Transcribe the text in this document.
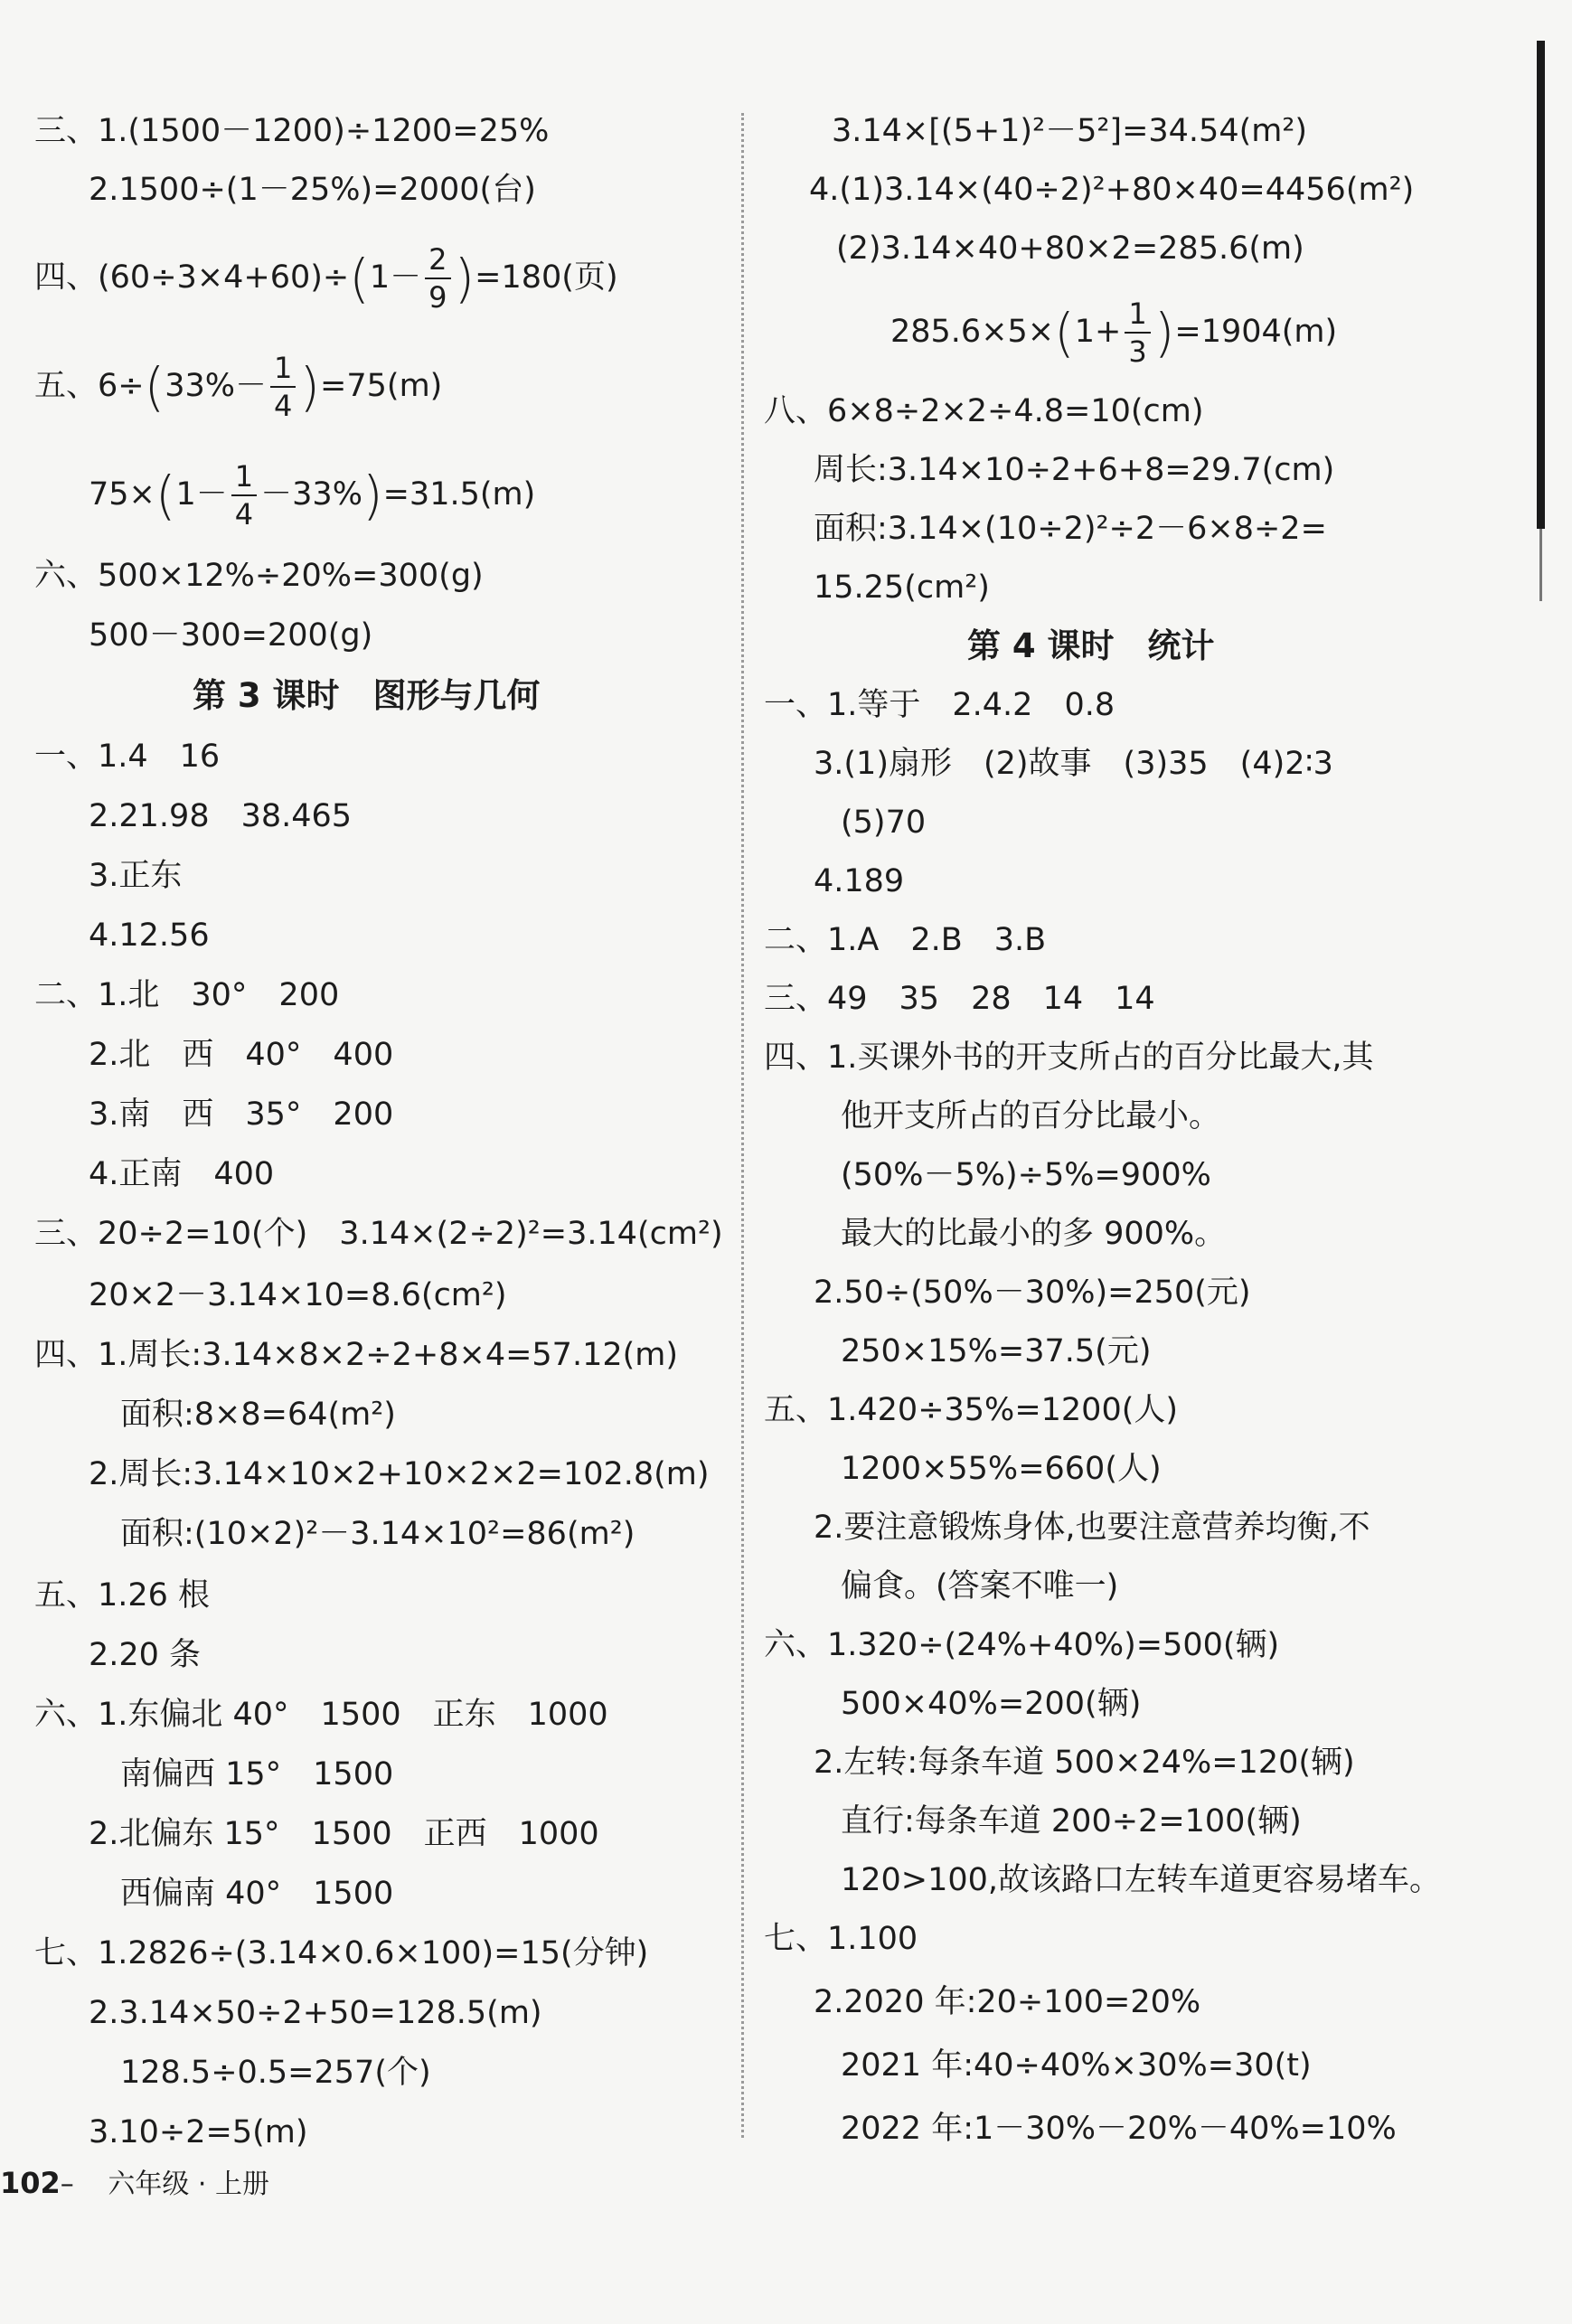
三、1.(1500－1200)÷1200=25%
2.1500÷(1－25%)=2000(台)
四、$(60\div 3\times 4+60)\div(1- \frac{2}{9} )=180$(页)
五、$6\div(33\%- \frac{1}{4} )=75(m)$
$75\times(1- \frac{1}{4} -33\%)=31.5(m)$
六、500×12%÷20%=300(g)
500－300=200(g)
第 3 课时　图形与几何
一、1.4　16
2.21.98　38.465
3.正东
4.12.56
二、1.北　30°　200
2.北　西　40°　400
3.南　西　35°　200
4.正南　400
三、20÷2=10(个)　3.14×(2÷2)²=3.14(cm²)
20×2－3.14×10=8.6(cm²)
四、1.周长:3.14×8×2÷2+8×4=57.12(m)
面积:8×8=64(m²)
2.周长:3.14×10×2+10×2×2=102.8(m)
面积:(10×2)²－3.14×10²=86(m²)
五、1.26 根
2.20 条
六、1.东偏北 40°　1500　正东　1000
南偏西 15°　1500
2.北偏东 15°　1500　正西　1000
西偏南 40°　1500
七、1.2826÷(3.14×0.6×100)=15(分钟)
2.3.14×50÷2+50=128.5(m)
128.5÷0.5=257(个)
3.10÷2=5(m)
3.14×[(5+1)²－5²]=34.54(m²)
4.(1)3.14×(40÷2)²+80×40=4456(m²)
(2)3.14×40+80×2=285.6(m)
$285.6\times 5\times(1+ \frac{1}{3} )=1904(m)$
八、6×8÷2×2÷4.8=10(cm)
周长:3.14×10÷2+6+8=29.7(cm)
面积:3.14×(10÷2)²÷2－6×8÷2=
15.25(cm²)
第 4 课时　统计
一、1.等于　2.4.2　0.8
3.(1)扇形　(2)故事　(3)35　(4)2∶3
(5)70
4.189
二、1.A　2.B　3.B
三、49　35　28　14　14
四、1.买课外书的开支所占的百分比最大,其
他开支所占的百分比最小。
(50%－5%)÷5%=900%
最大的比最小的多 900%。
2.50÷(50%－30%)=250(元)
250×15%=37.5(元)
五、1.420÷35%=1200(人)
1200×55%=660(人)
2.要注意锻炼身体,也要注意营养均衡,不
偏食。(答案不唯一)
六、1.320÷(24%+40%)=500(辆)
500×40%=200(辆)
2.左转:每条车道 500×24%=120(辆)
直行:每条车道 200÷2=100(辆)
120>100,故该路口左转车道更容易堵车。
七、1.100
2.2020 年:20÷100=20%
2021 年:40÷40%×30%=30(t)
2022 年:1－30%－20%－40%=10%
102– 六年级 · 上册
